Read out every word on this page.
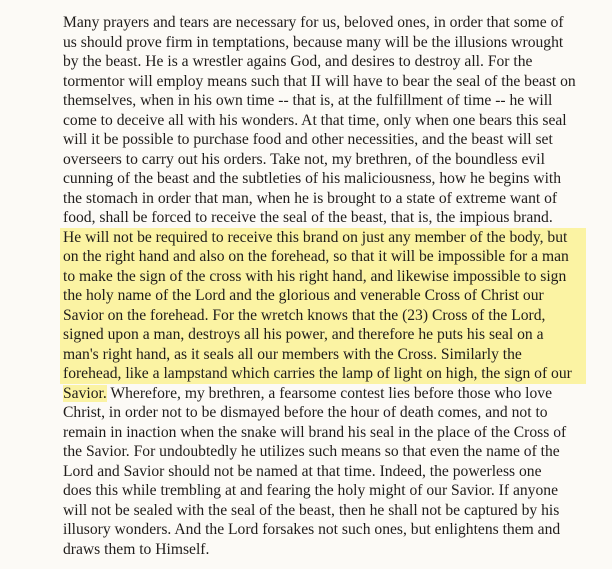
Many prayers and tears are necessary for us, beloved ones, in order that some of
us should prove firm in temptations, because many will be the illusions wrought
by the beast. He is a wrestler agains God, and desires to destroy all. For the
tormentor will employ means such that II will have to bear the seal of the beast on
themselves, when in his own time -- that is, at the fulfillment of time -- he will
come to deceive all with his wonders. At that time, only when one bears this seal
will it be possible to purchase food and other necessities, and the beast will set
overseers to carry out his orders. Take not, my brethren, of the boundless evil
cunning of the beast and the subtleties of his maliciousness, how he begins with
the stomach in order that man, when he is brought to a state of extreme want of
food, shall be forced to receive the seal of the beast, that is, the impious brand.
He will not be required to receive this brand on just any member of the body, but
on the right hand and also on the forehead, so that it will be impossible for a man
to make the sign of the cross with his right hand, and likewise impossible to sign
the holy name of the Lord and the glorious and venerable Cross of Christ our
Savior on the forehead. For the wretch knows that the (23) Cross of the Lord,
signed upon a man, destroys all his power, and therefore he puts his seal on a
man's right hand, as it seals all our members with the Cross. Similarly the
forehead, like a lampstand which carries the lamp of light on high, the sign of our
Savior. Wherefore, my brethren, a fearsome contest lies before those who love
Christ, in order not to be dismayed before the hour of death comes, and not to
remain in inaction when the snake will brand his seal in the place of the Cross of
the Savior. For undoubtedly he utilizes such means so that even the name of the
Lord and Savior should not be named at that time. Indeed, the powerless one
does this while trembling at and fearing the holy might of our Savior. If anyone
will not be sealed with the seal of the beast, then he shall not be captured by his
illusory wonders. And the Lord forsakes not such ones, but enlightens them and
draws them to Himself.
